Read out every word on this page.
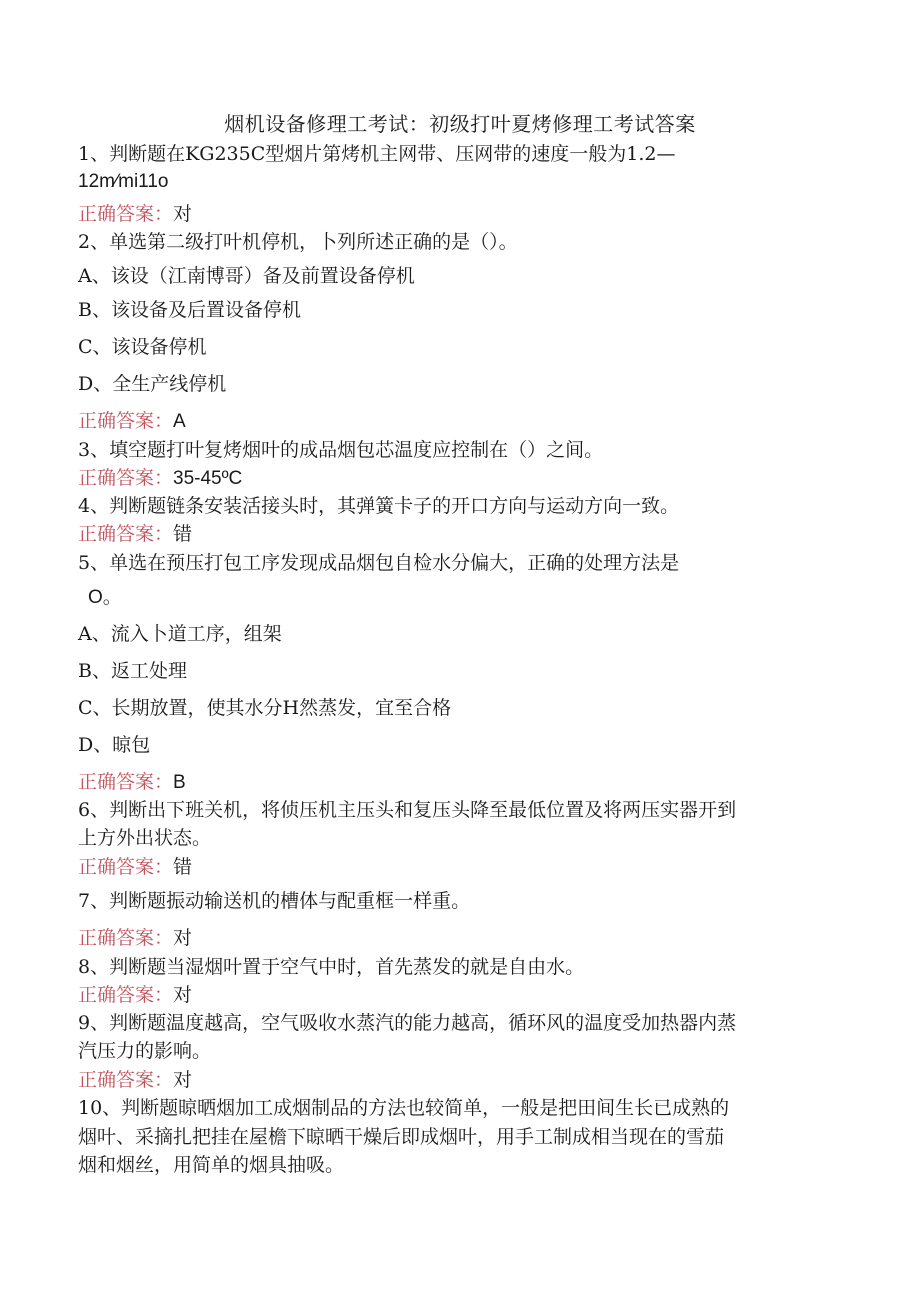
烟机设备修理工考试：初级打叶夏烤修理工考试答案
1、判断题在KG235C型烟片第烤机主网带、压网带的速度一般为1.2—
12m⁄mi11o
正确答案：对
2、单选第二级打叶机停机，卜列所述正确的是（）。
A、该设（江南博哥）备及前置设备停机
B、该设备及后置设备停机
C、该设备停机
D、全生产线停机
正确答案：A
3、填空题打叶复烤烟叶的成品烟包芯温度应控制在（）之间。
正确答案：35-45ºC
4、判断题链条安装活接头时，其弹簧卡子的开口方向与运动方向一致。
正确答案：错
5、单选在预压打包工序发现成品烟包自检水分偏大，正确的处理方法是
O。
A、流入卜道工序，组架
B、返工处理
C、长期放置，使其水分H然蒸发，宜至合格
D、晾包
正确答案：B
6、判断出下班关机，将侦压机主压头和复压头降至最低位置及将两压实器开到
上方外出状态。
正确答案：错
7、判断题振动输送机的槽体与配重框一样重。
正确答案：对
8、判断题当湿烟叶置于空气中时，首先蒸发的就是自由水。
正确答案：对
9、判断题温度越高，空气吸收水蒸汽的能力越高，循环风的温度受加热器内蒸
汽压力的影响。
正确答案：对
10、判断题晾晒烟加工成烟制品的方法也较简单，一般是把田间生长已成熟的
烟叶、采摘扎把挂在屋檐下晾晒干燥后即成烟叶，用手工制成相当现在的雪茄
烟和烟丝，用简单的烟具抽吸。
